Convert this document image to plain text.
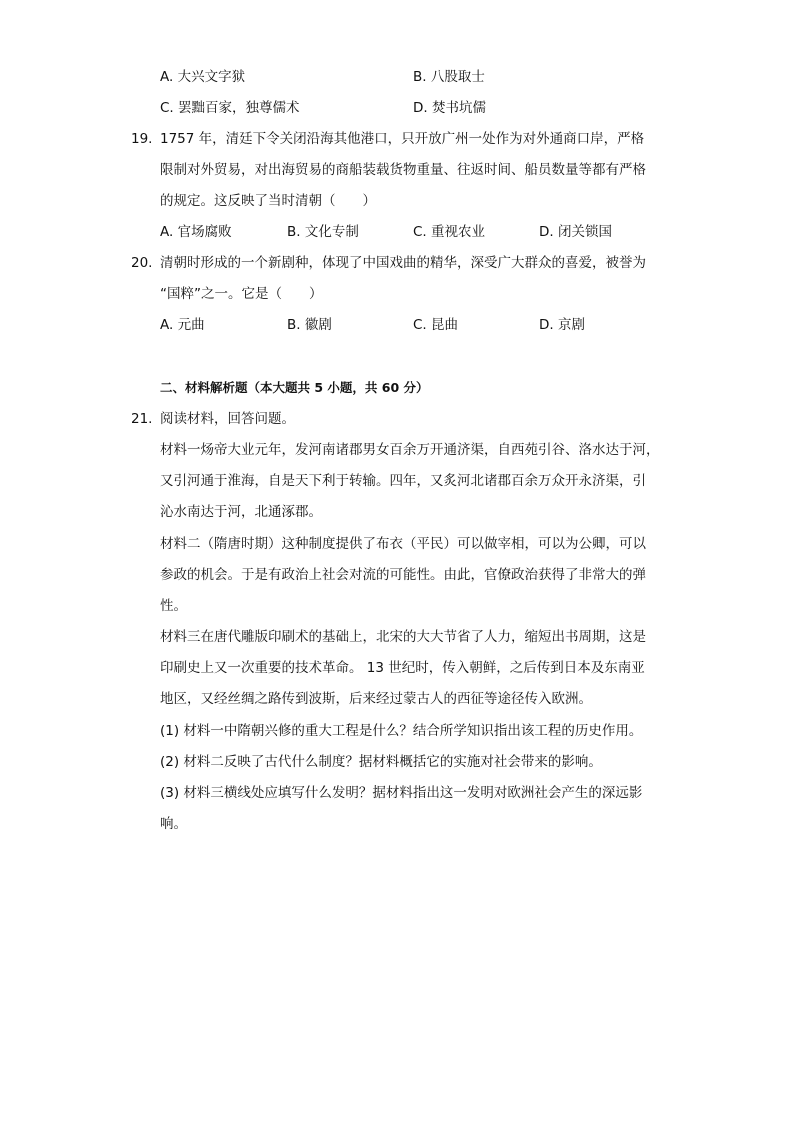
A. 大兴文字狱	B. 八股取士
C. 罢黜百家，独尊儒术	D. 焚书坑儒
19. 1757 年，清廷下令关闭沿海其他港口，只开放广州一处作为对外通商口岸，严格
限制对外贸易，对出海贸易的商船装载货物重量、往返时间、船员数量等都有严格
的规定。这反映了当时清朝（　　）
A. 官场腐败	B. 文化专制	C. 重视农业	D. 闭关锁国
20. 清朝时形成的一个新剧种，体现了中国戏曲的精华，深受广大群众的喜爱，被誉为
“国粹”之一。它是（　　）
A. 元曲	B. 徽剧	C. 昆曲	D. 京剧
二、材料解析题（本大题共 5 小题，共 60 分）
21. 阅读材料，回答问题。
材料一炀帝大业元年，发河南诸郡男女百余万开通济渠，自西苑引谷、洛水达于河，
又引河通于淮海，自是天下利于转输。四年，又炙河北诸郡百余万众开永济渠，引
沁水南达于河，北通涿郡。
材料二（隋唐时期）这种制度提供了布衣（平民）可以做宰相，可以为公卿，可以
参政的机会。于是有政治上社会对流的可能性。由此，官僚政治获得了非常大的弹
性。
材料三在唐代雕版印刷术的基础上，北宋的大大节省了人力，缩短出书周期，这是
印刷史上又一次重要的技术革命。 13 世纪时，传入朝鲜，之后传到日本及东南亚
地区，又经丝绸之路传到波斯，后来经过蒙古人的西征等途径传入欧洲。
(1) 材料一中隋朝兴修的重大工程是什么？结合所学知识指出该工程的历史作用。
(2) 材料二反映了古代什么制度？据材料概括它的实施对社会带来的影响。
(3) 材料三横线处应填写什么发明？据材料指出这一发明对欧洲社会产生的深远影
响。
